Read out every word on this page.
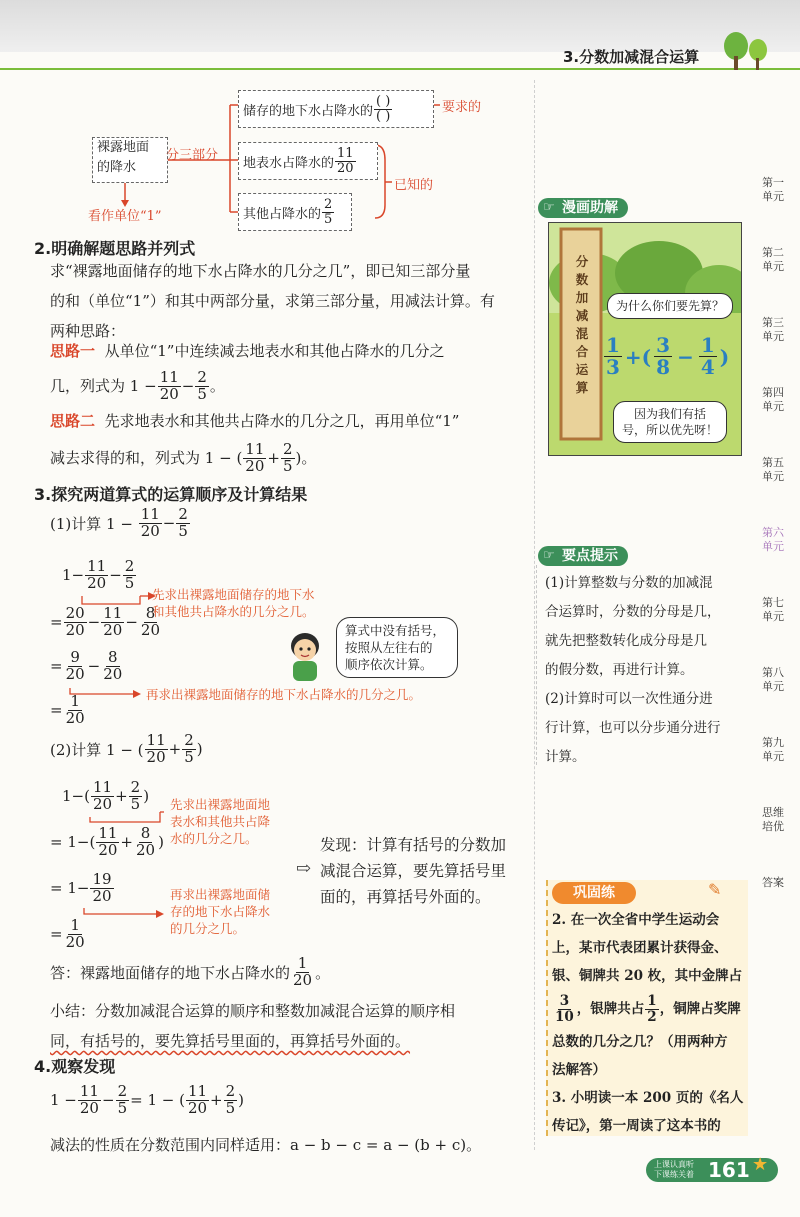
3.分数加减混合运算
裸露地面
的降水
看作单位“1”
分三部分
储存的地下水占降水的 $\frac{( )}{( )}$	要求的
地表水占降水的 $\frac{11}{20}$
其他占降水的 $\frac{2}{5}$
已知的
2.明确解题思路并列式
求“裸露地面储存的地下水占降水的几分之几”，即已知三部分量
的和（单位“1”）和其中两部分量，求第三部分量，用减法计算。有
两种思路：
思路一 从单位“1”中连续减去地表水和其他占降水的几分之
几，列式为
$1 - \frac{11}{20} - \frac{2}{5}$ 。
思路二 先求地表水和其他共占降水的几分之几，再用单位“1”
减去求得的和，列式为
1 − ( $\frac{11}{20} + \frac{2}{5}$ )。
3.探究两道算式的运算顺序及计算结果
(1)计算 1 −
$\frac{11}{20} - \frac{2}{5}$
$1- \frac{11}{20} - \frac{2}{5}$
先求出裸露地面储存的地下水
和其他共占降水的几分之几。
= $\frac{20}{20} - \frac{11}{20} - \frac{8}{20}$	算式中没有括号，
按照从左往右的
顺序依次计算。
= $\frac{9}{20} - \frac{8}{20}$
再求出裸露地面储存的地下水占降水的几分之几。
= $\frac{1}{20}$
(2)计算 1 − ( $\frac{11}{20} + \frac{2}{5}$ )
$1-( \frac{11}{20} + \frac{2}{5}$ ) 先求出裸露地面地
表水和其他共占降
水的几分之几。
= $1-( \frac{11}{20} + \frac{8}{20}$ )
⇨
发现：计算有括号的分数加
减混合运算，要先算括号里
面的，再算括号外面的。
= $1- \frac{19}{20}$	再求出裸露地面储
存的地下水占降水
的几分之几。
= $\frac{1}{20}$
答：裸露地面储存的地下水占降水的 $\frac{1}{20}$ 。
小结：分数加减混合运算的顺序和整数加减混合运算的顺序相
同，有括号的，要先算括号里面的，再算括号外面的。
4.观察发现
$1 - \frac{11}{20} - \frac{2}{5} = 1$ − ( $\frac{11}{20} + \frac{2}{5}$ )
减法的性质在分数范围内同样适用：a − b − c = a − (b + c)。
☞ 漫画助解
分数加减混合运算
为什么你们要先算？
$\frac{1}{3}$ +( $\frac{3}{8} - \frac{1}{4}$ )
因为我们有括
号，所以优先呀！
☞ 要点提示
(1)计算整数与分数的加减混
合运算时，分数的分母是几，
就先把整数转化成分母是几
的假分数，再进行计算。
(2)计算时可以一次性通分进
行计算，也可以分步通分进行
计算。
巩固练	✎
2. 在一次全省中学生运动会
上，某市代表团累计获得金、
银、铜牌共 20 枚，其中金牌占
$\frac{3}{10}$ ，银牌共占 $\frac{1}{2}$ ，铜牌占奖牌
总数的几分之几？（用两种方
法解答）
3. 小明读一本 200 页的《名人
传记》，第一周读了这本书的
第一单元
第二单元
第三单元
第四单元
第五单元
第六单元
第七单元
第八单元
第九单元
思维培优
答案
上课认真听
下课练关着 161 ★
